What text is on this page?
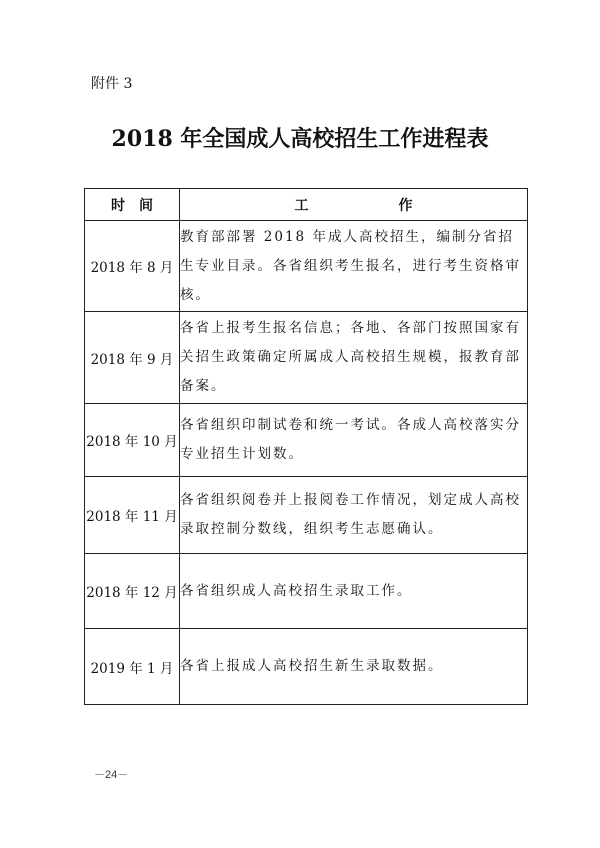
附件 3
2018 年全国成人高校招生工作进程表
时间	工 作
2018 年 8 月	教育部部署 2018 年成人高校招生，编制分省招生专业目录。各省组织考生报名，进行考生资格审核。
2018 年 9 月	各省上报考生报名信息；各地、各部门按照国家有关招生政策确定所属成人高校招生规模，报教育部备案。
2018 年 10 月	各省组织印制试卷和统一考试。各成人高校落实分专业招生计划数。
2018 年 11 月	各省组织阅卷并上报阅卷工作情况，划定成人高校录取控制分数线，组织考生志愿确认。
2018 年 12 月	各省组织成人高校招生录取工作。
2019 年 1 月	各省上报成人高校招生新生录取数据。
－24－
